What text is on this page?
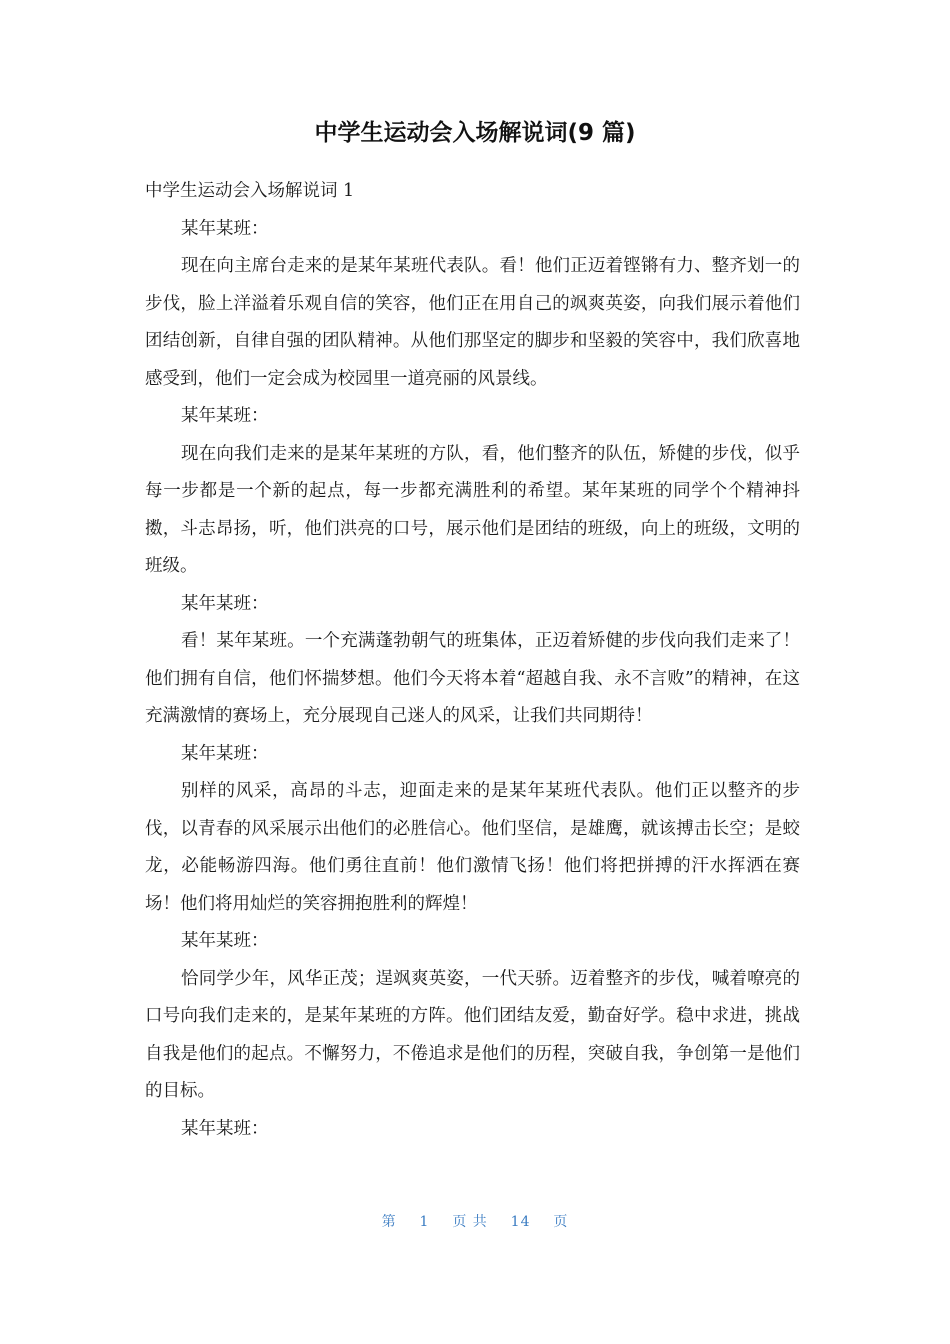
中学生运动会入场解说词(9 篇)

中学生运动会入场解说词 1

某年某班：

现在向主席台走来的是某年某班代表队。看！他们正迈着铿锵有力、整齐划一的步伐，脸上洋溢着乐观自信的笑容，他们正在用自己的飒爽英姿，向我们展示着他们团结创新，自律自强的团队精神。从他们那坚定的脚步和坚毅的笑容中，我们欣喜地感受到，他们一定会成为校园里一道亮丽的风景线。

某年某班：

现在向我们走来的是某年某班的方队，看，他们整齐的队伍，矫健的步伐，似乎每一步都是一个新的起点，每一步都充满胜利的希望。某年某班的同学个个精神抖擞，斗志昂扬，听，他们洪亮的口号，展示他们是团结的班级，向上的班级，文明的班级。

某年某班：

看！某年某班。一个充满蓬勃朝气的班集体，正迈着矫健的步伐向我们走来了！他们拥有自信，他们怀揣梦想。他们今天将本着“超越自我、永不言败”的精神，在这充满激情的赛场上，充分展现自己迷人的风采，让我们共同期待！

某年某班：

别样的风采，高昂的斗志，迎面走来的是某年某班代表队。他们正以整齐的步伐，以青春的风采展示出他们的必胜信心。他们坚信，是雄鹰，就该搏击长空；是蛟龙，必能畅游四海。他们勇往直前！他们激情飞扬！他们将把拼搏的汗水挥洒在赛场！他们将用灿烂的笑容拥抱胜利的辉煌！

某年某班：

恰同学少年，风华正茂；逞飒爽英姿，一代天骄。迈着整齐的步伐，喊着嘹亮的口号向我们走来的，是某年某班的方阵。他们团结友爱，勤奋好学。稳中求进，挑战自我是他们的起点。不懈努力，不倦追求是他们的历程，突破自我，争创第一是他们的目标。

某年某班：

第 1 页 共 14 页
